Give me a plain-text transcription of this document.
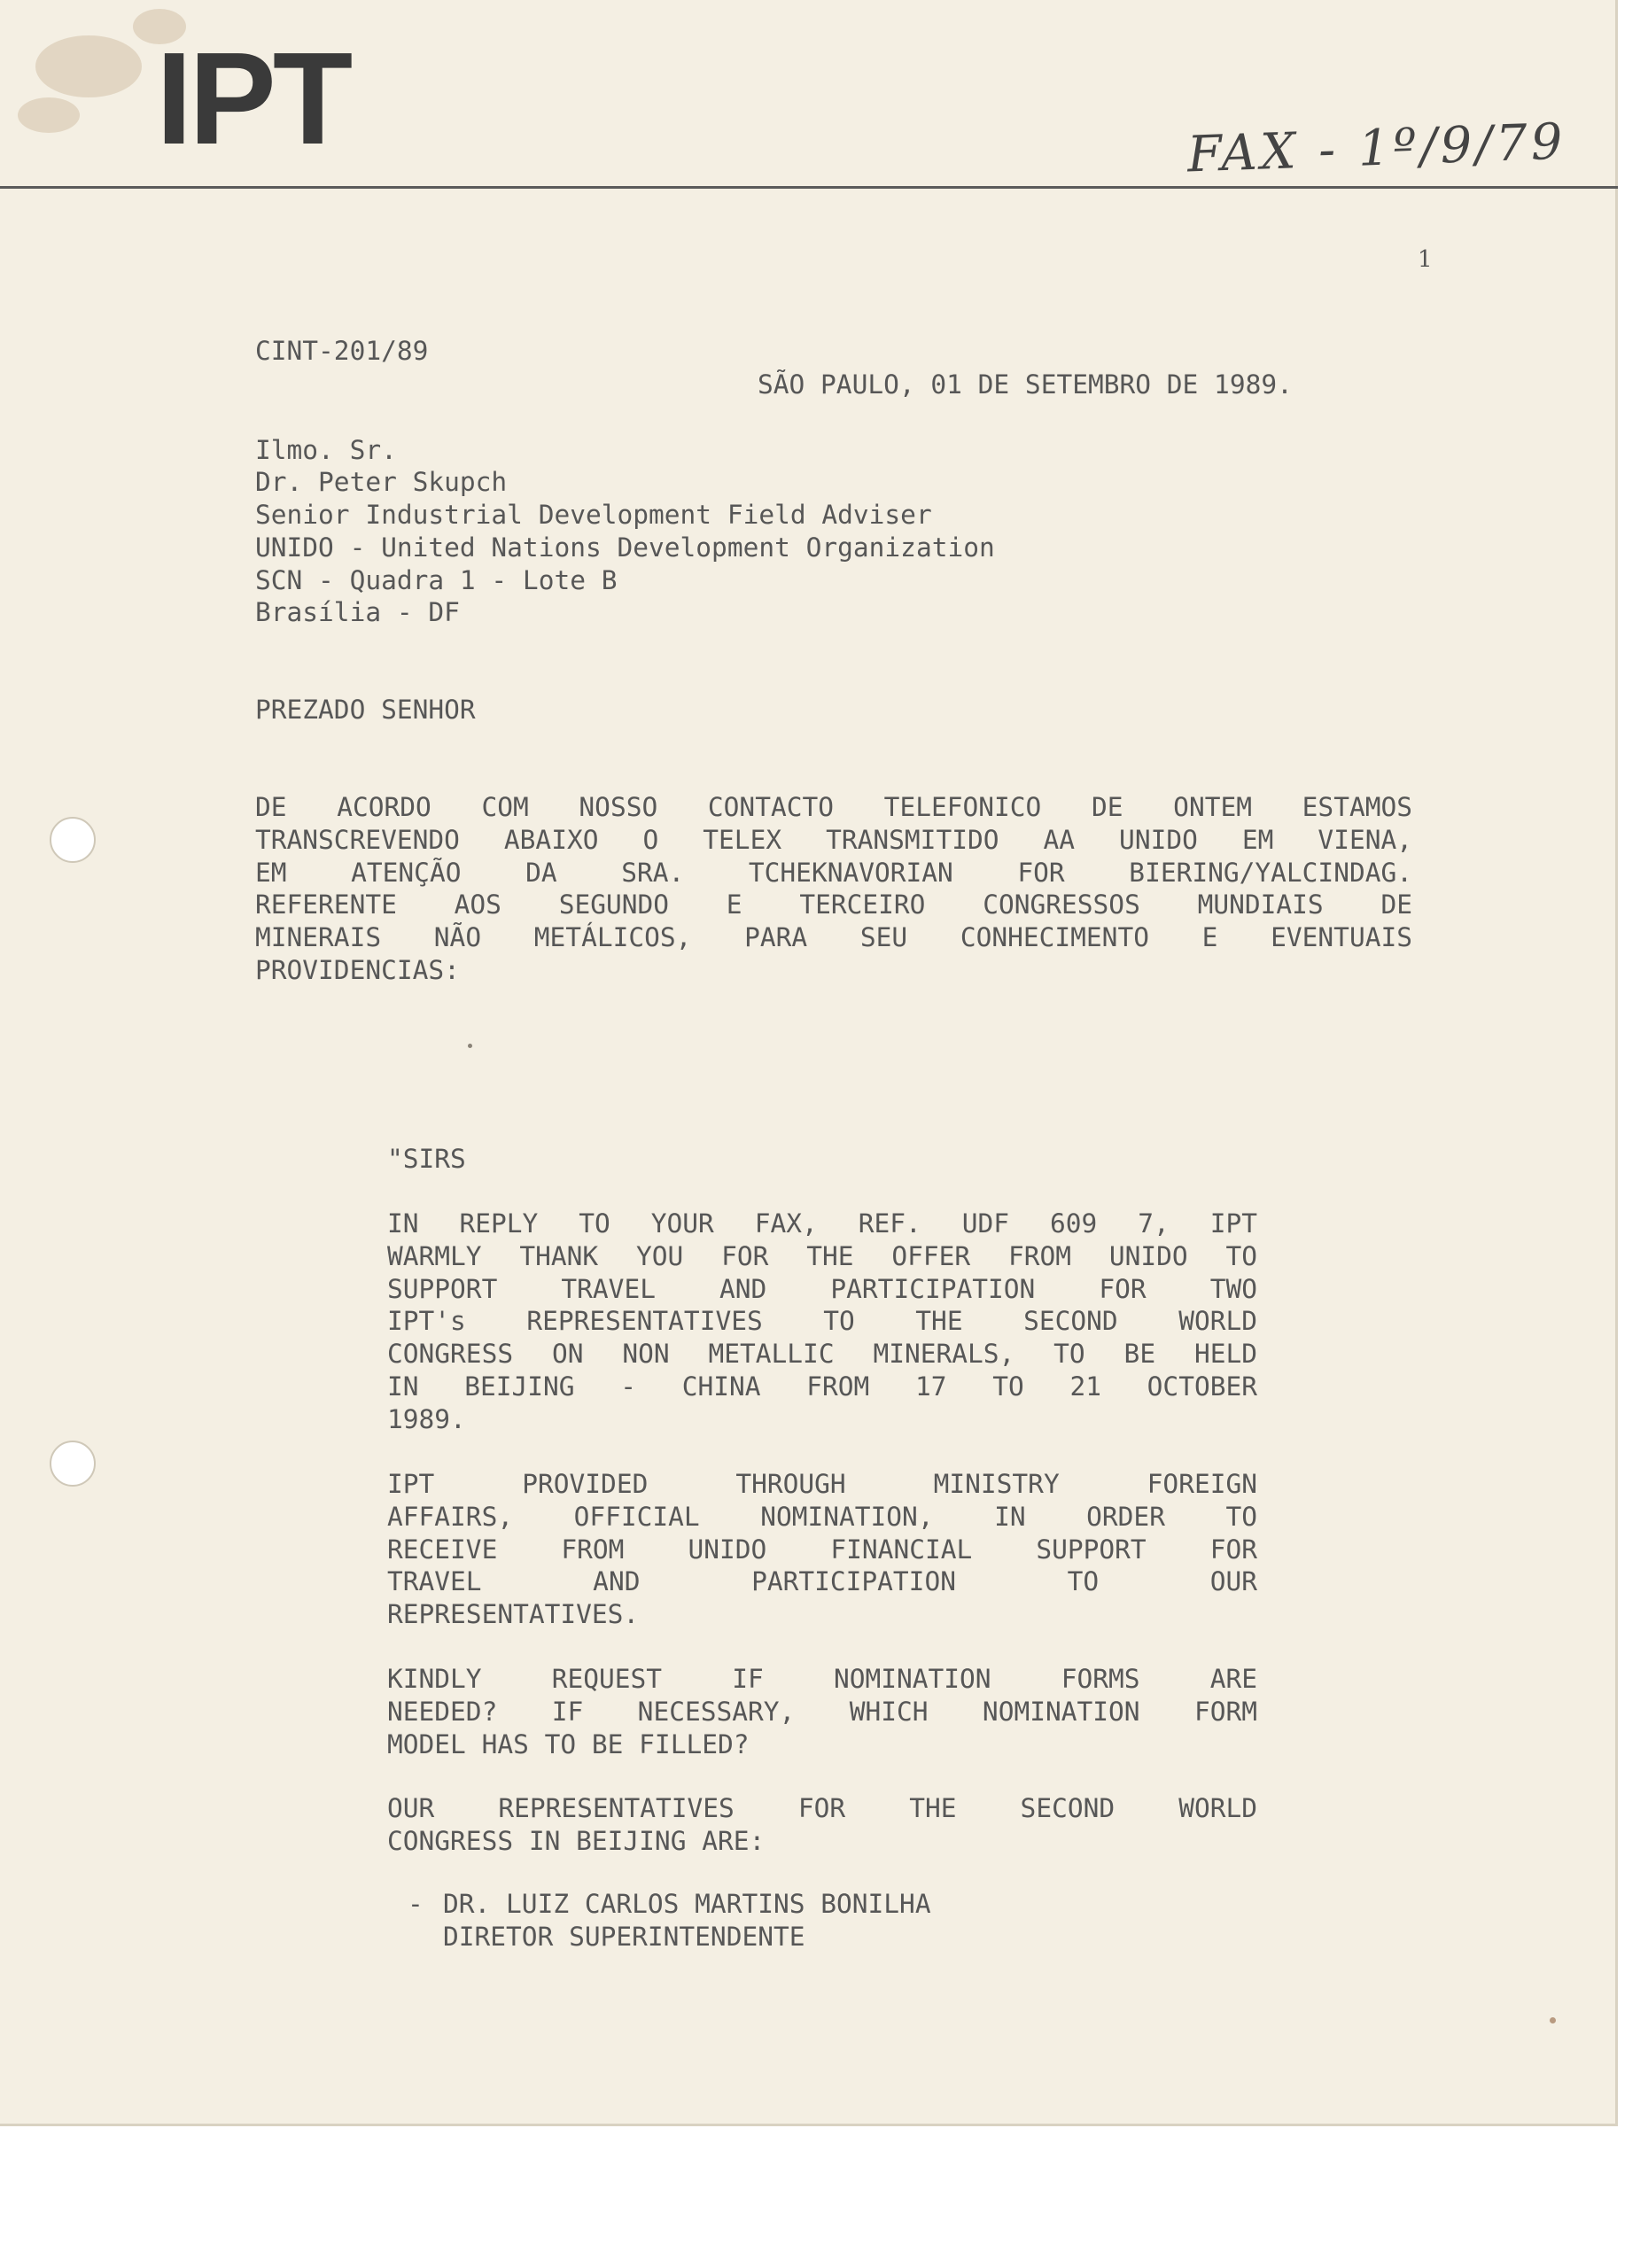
IPT	FAX - 1º/9/79
1

CINT-201/89

SÃO PAULO, 01 DE SETEMBRO DE 1989.

Ilmo. Sr.

Dr. Peter Skupch

Senior Industrial Development Field Adviser

UNIDO - United Nations Development Organization

SCN - Quadra 1 - Lote B

Brasília - DF

PREZADO SENHOR

DE ACORDO COM NOSSO CONTACTO TELEFONICO DE ONTEM ESTAMOS
TRANSCREVENDO ABAIXO O TELEX TRANSMITIDO AA UNIDO EM VIENA,
EM ATENÇÃO DA SRA. TCHEKNAVORIAN FOR BIERING/YALCINDAG.
REFERENTE AOS SEGUNDO E TERCEIRO CONGRESSOS MUNDIAIS DE
MINERAIS NÃO METÁLICOS, PARA SEU CONHECIMENTO E EVENTUAIS
PROVIDENCIAS:

"SIRS

IN REPLY TO YOUR FAX, REF. UDF 609 7, IPT
WARMLY THANK YOU FOR THE OFFER FROM UNIDO TO
SUPPORT TRAVEL AND PARTICIPATION FOR TWO
IPT's REPRESENTATIVES TO THE SECOND WORLD
CONGRESS ON NON METALLIC MINERALS, TO BE HELD
IN BEIJING - CHINA FROM 17 TO 21 OCTOBER
1989.
IPT PROVIDED THROUGH MINISTRY FOREIGN
AFFAIRS, OFFICIAL NOMINATION, IN ORDER TO
RECEIVE FROM UNIDO FINANCIAL SUPPORT FOR
TRAVEL AND PARTICIPATION TO OUR
REPRESENTATIVES.
KINDLY REQUEST IF NOMINATION FORMS ARE
NEEDED? IF NECESSARY, WHICH NOMINATION FORM
MODEL HAS TO BE FILLED?
OUR REPRESENTATIVES FOR THE SECOND WORLD
CONGRESS IN BEIJING ARE:

- DR. LUIZ CARLOS MARTINS BONILHA

DIRETOR SUPERINTENDENTE
